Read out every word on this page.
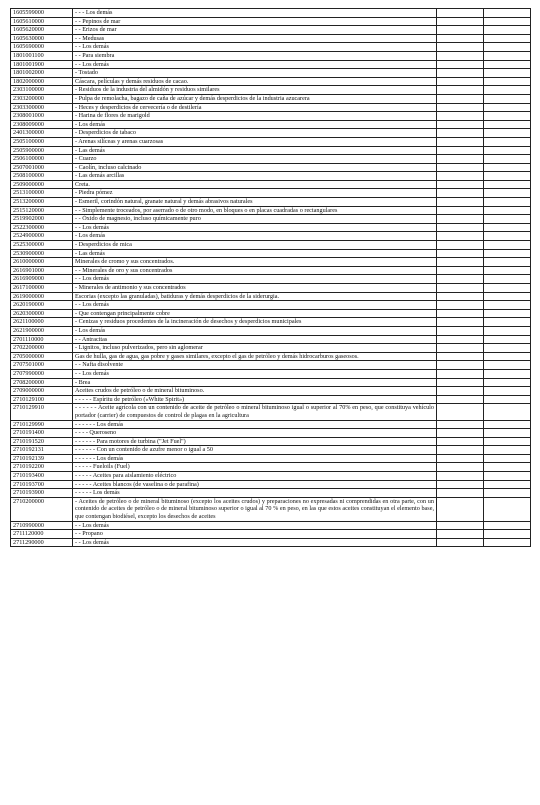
1605599000	- - - Los demás		
1605610000	- - Pepinos de mar		
1605620000	- - Erizos de mar		
1605630000	- - Medusas		
1605690000	- - Los demás		
1801001100	- - Para siembra		
1801001900	- - Los demás		
1801002000	- Tostado		
1802000000	Cáscara, películas y demás residuos de cacao.		
2303100000	- Residuos de la industria del almidón y residuos similares		
2303200000	- Pulpa de remolacha, bagazo de caña de azúcar y demás desperdicios de la industria azucarera		
2303300000	- Heces y desperdicios de cervecería o de destilería		
2308001000	- Harina de flores de marigold		
2308009000	- Los demás		
2401300000	- Desperdicios de tabaco		
2505100000	- Arenas silíceas y arenas cuarzosas		
2505900000	- Las demás		
2506100000	- Cuarzo		
2507001000	- Caolín, incluso calcinado		
2508100000	- Las demás arcillas		
2509000000	Creta.		
2513100000	- Piedra pómez		
2513200000	- Esmeril, corindón natural, granate natural y demás abrasivos naturales		
2515120000	- - Simplemente troceados, por aserrado o de otro modo, en bloques o en placas cuadradas o rectangulares		
2519902000	- - Óxido de magnesio, incluso químicamente puro		
2522300000	- - Los demás		
2524900000	- Los demás		
2525300000	- Desperdicios de mica		
2530900000	- Las demás		
2610000000	Minerales de cromo y sus concentrados.		
2616901000	- - Minerales de oro y sus concentrados		
2616909000	- - Los demás		
2617100000	- Minerales de antimonio y sus concentrados		
2619000000	Escorias (excepto las granuladas), batiduras y demás desperdicios de la siderurgia.		
2620190000	- - Los demás		
2620300000	- Que contengan principalmente cobre		
2621100000	- Cenizas y residuos procedentes de la incineración de desechos y desperdicios municipales		
2621900000	- Los demás		
2701110000	- - Antracitas		
2702200000	- Lignitos, incluso pulverizados, pero sin aglomerar		
2705000000	Gas de hulla, gas de agua, gas pobre y gases similares, excepto el gas de petróleo y demás hidrocarburos gaseosos.		
2707501000	- - Nafta disolvente		
2707990000	- - Los demás		
2708200000	- Brea		
2709000000	Aceites crudos de petróleo o de mineral bituminoso.		
2710129100	- - - - - Espíritu de petróleo («White Spirit»)		
2710129910	- - - - - - Aceite agrícola con un contenido de aceite de petróleo o mineral bituminoso igual o superior al 70% en peso, que constituya vehículo portador (carrier) de compuestos de control de plagas en la agricultura		
2710129990	- - - - - - Los demás		
2710191400	- - - - Queroseno		
2710191520	- - - - - - Para motores de turbina ("Jet Fuel")		
2710192131	- - - - - - Con un contenido de azufre menor o igual a 50		
2710192139	- - - - - - Los demás		
2710192200	- - - - - Fueloils (Fuel)		
2710193400	- - - - - Aceites para aislamiento eléctrico		
2710193700	- - - - - Aceites blancos (de vaselina o de parafina)		
2710193900	- - - - - Los demás		
2710200000	- Aceites de petróleo o de mineral bituminoso (excepto los aceites crudos) y preparaciones no expresadas ni comprendidas en otra parte, con un contenido de aceites de petróleo o de mineral bituminoso superior o igual al 70 % en peso, en las que estos aceites constituyan el elemento base, que contengan biodiésel, excepto los desechos de aceites		
2710990000	- - Los demás		
2711120000	- - Propano		
2711290000	- - Los demás		
